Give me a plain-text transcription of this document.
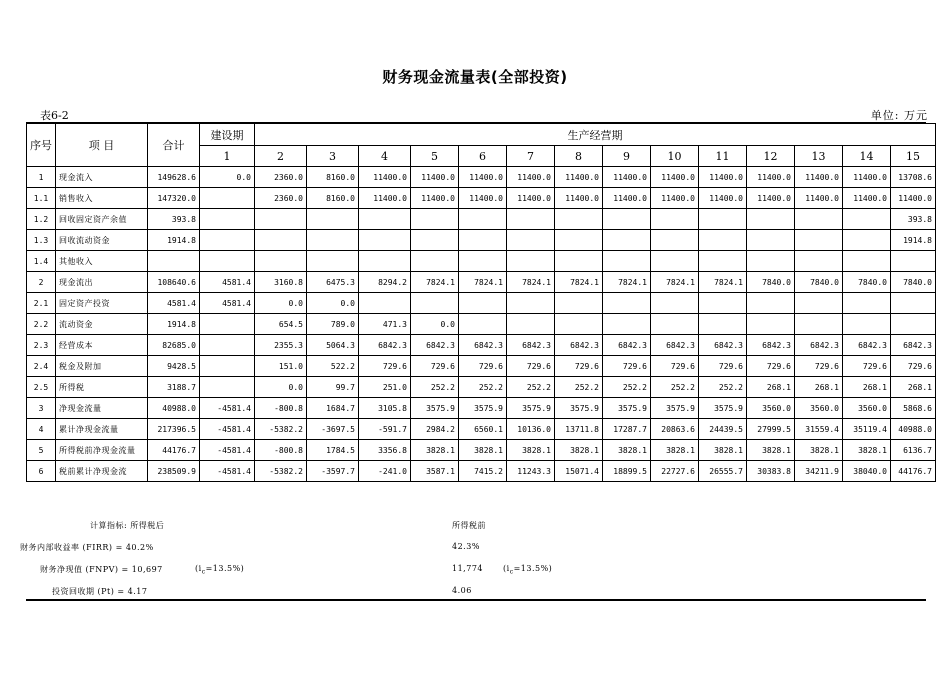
财务现金流量表(全部投资)
表6-2	单位: 万元
序号	项 目	合计	建设期	生产经营期													
			1	2	3	4	5	6	7	8	9	10	11	12	13	14	15
1	现金流入	149628.6	0.0	2360.0	8160.0	11400.0	11400.0	11400.0	11400.0	11400.0	11400.0	11400.0	11400.0	11400.0	11400.0	11400.0	13708.6
1.1	销售收入	147320.0		2360.0	8160.0	11400.0	11400.0	11400.0	11400.0	11400.0	11400.0	11400.0	11400.0	11400.0	11400.0	11400.0	11400.0
1.2	回收固定资产余值	393.8															393.8
1.3	回收流动资金	1914.8															1914.8
1.4	其他收入																
2	现金流出	108640.6	4581.4	3160.8	6475.3	8294.2	7824.1	7824.1	7824.1	7824.1	7824.1	7824.1	7824.1	7840.0	7840.0	7840.0	7840.0
2.1	固定资产投资	4581.4	4581.4	0.0	0.0												
2.2	流动资金	1914.8		654.5	789.0	471.3	0.0										
2.3	经营成本	82685.0		2355.3	5064.3	6842.3	6842.3	6842.3	6842.3	6842.3	6842.3	6842.3	6842.3	6842.3	6842.3	6842.3	6842.3
2.4	税金及附加	9428.5		151.0	522.2	729.6	729.6	729.6	729.6	729.6	729.6	729.6	729.6	729.6	729.6	729.6	729.6
2.5	所得税	3188.7		0.0	99.7	251.0	252.2	252.2	252.2	252.2	252.2	252.2	252.2	268.1	268.1	268.1	268.1
3	净现金流量	40988.0	-4581.4	-800.8	1684.7	3105.8	3575.9	3575.9	3575.9	3575.9	3575.9	3575.9	3575.9	3560.0	3560.0	3560.0	5868.6
4	累计净现金流量	217396.5	-4581.4	-5382.2	-3697.5	-591.7	2984.2	6560.1	10136.0	13711.8	17287.7	20863.6	24439.5	27999.5	31559.4	35119.4	40988.0
5	所得税前净现金流量	44176.7	-4581.4	-800.8	1784.5	3356.8	3828.1	3828.1	3828.1	3828.1	3828.1	3828.1	3828.1	3828.1	3828.1	3828.1	6136.7
6	税前累计净现金流	238509.9	-4581.4	-5382.2	-3597.7	-241.0	3587.1	7415.2	11243.3	15071.4	18899.5	22727.6	26555.7	30383.8	34211.9	38040.0	44176.7
计算指标: 所得税后	所得税前
财务内部收益率 (FIRR) = 40.2%	42.3%
财务净现值 (FNPV) = 10,697	$(i_c=13.5\%)$	11,774	$(i_c=13.5\%)$
投资回收期 (Pt) = 4.17	4.06
